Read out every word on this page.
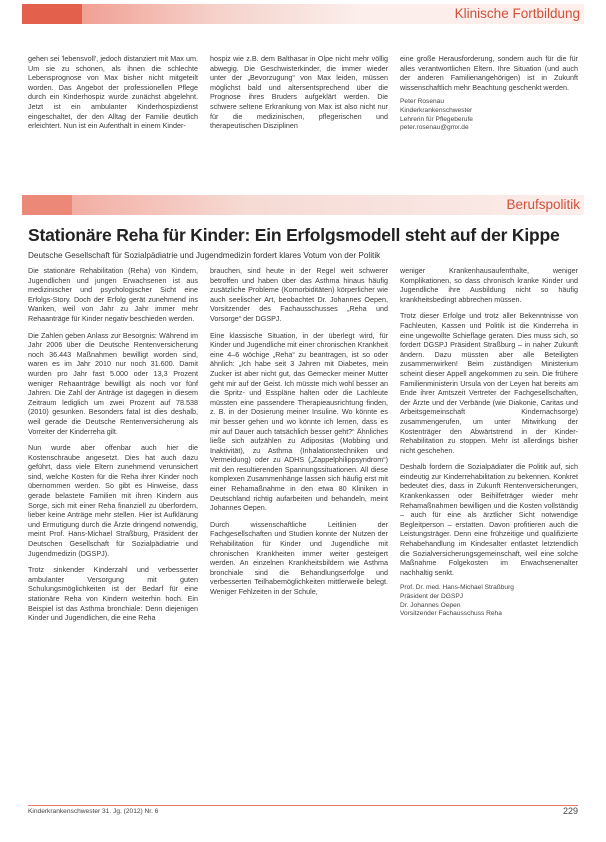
Klinische Fortbildung

gehen sei 'lebensvoll', jedoch distanziert mit Max um. Um sie zu schonen, als ihnen die schlechte Lebensprognose von Max bisher nicht mitgeteilt worden. Das Angebot der professionellen Pflege durch ein Kinderhospiz wurde zunächst abgelehnt. Jetzt ist ein ambulanter Kinderhospizdienst eingeschaltet, der den Alltag der Familie deutlich erleichtert. Nun ist ein Aufenthalt in einem Kinder-

hospiz wie z.B. dem Balthasar in Olpe nicht mehr völlig abwegig. Die Geschwisterkinder, die immer wieder unter der „Bevorzugung“ von Max leiden, müssen möglichst bald und altersentsprechend über die Prognose ihres Bruders aufgeklärt werden. Die schwere seltene Erkrankung von Max ist also nicht nur für die medizinischen, pflegerischen und therapeutischen Disziplinen

eine große Herausforderung, sondern auch für die für alles verantwortlichen Eltern. Ihre Situation (und auch der anderen Familienangehörigen) ist in Zukunft wissenschaftlich mehr Beachtung geschenkt werden.

Peter Rosenau
Kinderkrankenschwester
Lehrerin für Pflegeberufe
peter.rosenau@gmx.de
Berufspolitik
Stationäre Reha für Kinder: Ein Erfolgsmodell steht auf der Kippe
Deutsche Gesellschaft für Sozialpädiatrie und Jugendmedizin fordert klares Votum von der Politik

Die stationäre Rehabilitation (Reha) von Kindern, Jugendlichen und jungen Erwachsenen ist aus medizinischer und psychologischer Sicht eine Erfolgs-Story. Doch der Erfolg gerät zunehmend ins Wanken, weil von Jahr zu Jahr immer mehr Rehaanträge für Kinder negativ beschieden werden.

Die Zahlen geben Anlass zur Besorgnis: Während im Jahr 2006 über die Deutsche Rentenversicherung noch 36.443 Maßnahmen bewilligt worden sind, waren es im Jahr 2010 nur noch 31.600. Damit wurden pro Jahr fast 5.000 oder 13,3 Prozent weniger Rehaanträge bewilligt als noch vor fünf Jahren. Die Zahl der Anträge ist dagegen in diesem Zeitraum lediglich um zwei Prozent auf 78.538 (2010) gesunken. Besonders fatal ist dies deshalb, weil gerade die Deutsche Rentenversicherung als Vorreiter der Kinderreha gilt.

Nun wurde aber offenbar auch hier die Kostenschraube angesetzt. Dies hat auch dazu geführt, dass viele Eltern zunehmend verunsichert sind, welche Kosten für die Reha ihrer Kinder noch übernommen werden. So gibt es Hinweise, dass gerade belastete Familien mit ihren Kindern aus Sorge, sich mit einer Reha finanziell zu überfordern, lieber keine Anträge mehr stellen. Hier ist Aufklärung und Ermutigung durch die Ärzte dringend notwendig, meint Prof. Hans-Michael Straßburg, Präsident der Deutschen Gesellschaft für Sozialpädiatrie und Jugendmedizin (DGSPJ).

Trotz sinkender Kinderzahl und verbesserter ambulanter Versorgung mit guten Schulungsmöglichkeiten ist der Bedarf für eine stationäre Reha von Kindern weiterhin hoch. Ein Beispiel ist das Asthma bronchiale: Denn diejenigen Kinder und Jugendlichen, die eine Reha

brauchen, sind heute in der Regel weit schwerer betroffen und haben über das Asthma hinaus häufig zusätzliche Probleme (Komorbiditäten) körperlicher wie auch seelischer Art, beobachtet Dr. Johannes Oepen, Vorsitzender des Fachausschusses „Reha und Vorsorge“ der DGSPJ.

Eine klassische Situation, in der überlegt wird, für Kinder und Jugendliche mit einer chronischen Krankheit eine 4–6 wöchige „Reha“ zu beantragen, ist so oder ähnlich: „Ich habe seit 3 Jahren mit Diabetes, mein Zucker ist aber nicht gut, das Gemecker meiner Mutter geht mir auf der Geist. Ich müsste mich wohl besser an die Spritz- und Esspläne halten oder die Lachleute müssten eine passendere Therapieausrichtung finden, z. B. in der Dosierung meiner Insuline. Wo könnte es mir besser gehen und wo könnte ich lernen, dass es mir auf Dauer auch tatsächlich besser geht?“ Ähnliches ließe sich aufzählen zu Adipositas (Mobbing und Inaktivität), zu Asthma (Inhalationstechniken und Vermeidung) oder zu ADHS („Zappelphilippsyndrom“) mit den resultierenden Spannungssituationen. All diese komplexen Zusammenhänge lassen sich häufig erst mit einer Rehamaßnahme in den etwa 80 Kliniken in Deutschland richtig aufarbeiten und behandeln, meint Johannes Oepen.

Durch wissenschaftliche Leitlinien der Fachgesellschaften und Studien konnte der Nutzen der Rehabilitation für Kinder und Jugendliche mit chronischen Krankheiten immer weiter gesteigert werden. An einzelnen Krankheitsbildern wie Asthma bronchiale sind die Behandlungserfolge und verbesserten Teilhabemöglichkeiten mittlerweile belegt. Weniger Fehlzeiten in der Schule,

weniger Krankenhausaufenthalte, weniger Komplikationen, so dass chronisch kranke Kinder und Jugendliche ihre Ausbildung nicht so häufig krankheitsbedingt abbrechen müssen.

Trotz dieser Erfolge und trotz aller Bekenntnisse von Fachleuten, Kassen und Politik ist die Kinderreha in eine ungewollte Schieflage geraten. Dies muss sich, so fordert DGSPJ Präsident Straßburg – in naher Zukunft ändern. Dazu müssten aber alle Beteiligten zusammenwirken! Beim zuständigen Ministerium scheint dieser Appell angekommen zu sein. Die frühere Familienministerin Ursula von der Leyen hat bereits am Ende ihrer Amtszeit Vertreter der Fachgesellschaften, der Ärzte und der Verbände (wie Diakonie, Caritas und Arbeitsgemeinschaft Kindernachsorge) zusammengerufen, um unter Mitwirkung der Kostenträger den Abwärtstrend in der Kinder-Rehabilitation zu stoppen. Mehr ist allerdings bisher nicht geschehen.

Deshalb fordern die Sozialpädiater die Politik auf, sich eindeutig zur Kinderrehabilitation zu bekennen. Konkret bedeutet dies, dass in Zukunft Rentenversicherungen, Krankenkassen oder Beihilfeträger wieder mehr Rehamaßnahmen bewilligen und die Kosten vollständig – auch für eine als ärztlicher Sicht notwendige Begleitperson – erstatten. Davon profitieren auch die Leistungsträger. Denn eine frühzeitige und qualifizierte Rehabehandlung im Kindesalter entlastet letztendlich die Sozialversicherungsgemeinschaft, weil eine solche Maßnahme Folgekosten im Erwachsenenalter nachhaltig senkt.

Prof. Dr. med. Hans-Michael Straßburg
Präsident der DGSPJ
Dr. Johannes Oepen
Vorsitzender Fachausschuss Reha
Kinderkrankenschwester 31. Jg. (2012) Nr. 6	229
